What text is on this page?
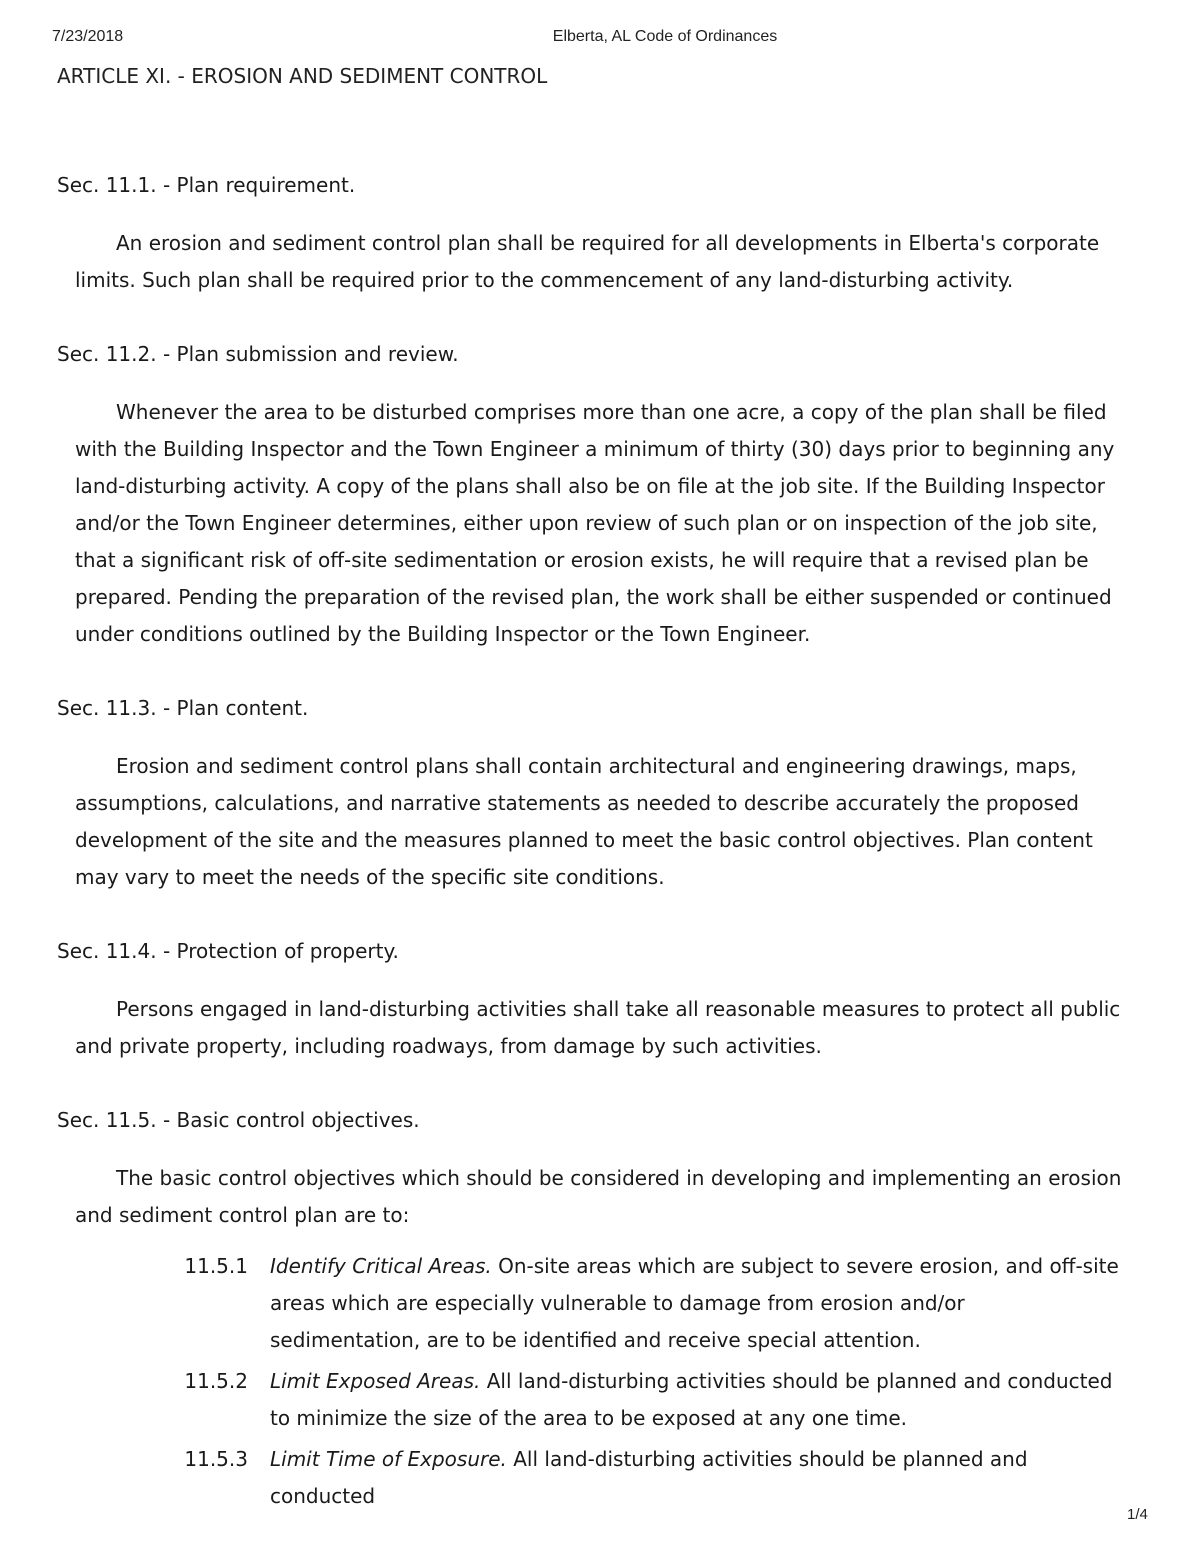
7/23/2018	Elberta, AL Code of Ordinances
ARTICLE XI. - EROSION AND SEDIMENT CONTROL
Sec. 11.1. - Plan requirement.
An erosion and sediment control plan shall be required for all developments in Elberta's corporate limits. Such plan shall be required prior to the commencement of any land-disturbing activity.
Sec. 11.2. - Plan submission and review.
Whenever the area to be disturbed comprises more than one acre, a copy of the plan shall be filed with the Building Inspector and the Town Engineer a minimum of thirty (30) days prior to beginning any land-disturbing activity. A copy of the plans shall also be on file at the job site. If the Building Inspector and/or the Town Engineer determines, either upon review of such plan or on inspection of the job site, that a significant risk of off-site sedimentation or erosion exists, he will require that a revised plan be prepared. Pending the preparation of the revised plan, the work shall be either suspended or continued under conditions outlined by the Building Inspector or the Town Engineer.
Sec. 11.3. - Plan content.
Erosion and sediment control plans shall contain architectural and engineering drawings, maps, assumptions, calculations, and narrative statements as needed to describe accurately the proposed development of the site and the measures planned to meet the basic control objectives. Plan content may vary to meet the needs of the specific site conditions.
Sec. 11.4. - Protection of property.
Persons engaged in land-disturbing activities shall take all reasonable measures to protect all public and private property, including roadways, from damage by such activities.
Sec. 11.5. - Basic control objectives.
The basic control objectives which should be considered in developing and implementing an erosion and sediment control plan are to:
11.5.1	Identify Critical Areas. On-site areas which are subject to severe erosion, and off-site areas which are especially vulnerable to damage from erosion and/or sedimentation, are to be identified and receive special attention.
11.5.2	Limit Exposed Areas. All land-disturbing activities should be planned and conducted to minimize the size of the area to be exposed at any one time.
11.5.3	Limit Time of Exposure. All land-disturbing activities should be planned and conducted
1/4
